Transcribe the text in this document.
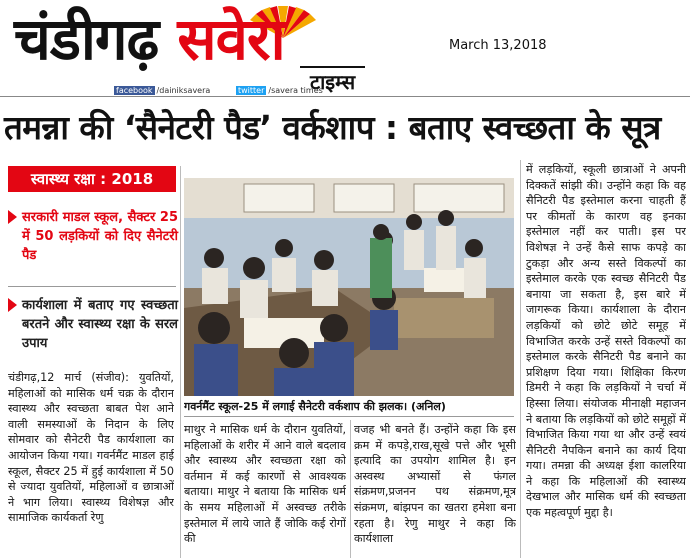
चंडीगढ़ सवेरा
टाइम्स
March 13,2018
facebook /dainiksavera	twitter /savera times
तमन्ना की ‘सैनेटरी पैड’ वर्कशाप : बताए स्वच्छता के सूत्र
स्वास्थ्य रक्षा : 2018
सरकारी माडल स्कूल, सैक्टर 25 में 50 लड़कियों को दिए सैनेटरी पैड
कार्यशाला में बताए गए स्वच्छता बरतने और स्वास्थ्य रक्षा के सरल उपाय
चंडीगढ़,12 मार्च (संजीव): युवतियों, महिलाओं को मासिक धर्म चक्र के दौरान स्वास्थ्य और स्वच्छता बाबत पेश आने वाली समस्याओं के निदान के लिए सोमवार को सैनेटरी पैड कार्यशाला का आयोजन किया गया। गवर्नमैंट माडल हाई स्कूल, सैक्टर 25 में हुई कार्यशाला में 50 से ज्यादा युवतियों, महिलाओं व छात्राओं ने भाग लिया। स्वास्थ्य विशेषज्ञ और सामाजिक कार्यकर्ता रेणु
गवर्नमैंट स्कूल-25 में लगाई सैनेटरी वर्कशाप की झलक। (अनिल)
माथुर ने मासिक धर्म के दौरान युवतियों, महिलाओं के शरीर में आने वाले बदलाव और स्वास्थ्य और स्वच्छता रक्षा को वर्तमान में कई कारणों से आवश्यक बताया। माथुर ने बताया कि मासिक धर्म के समय महिलाओं में अस्वच्छ तरीके इस्तेमाल में लाये जाते हैं जोकि कई रोगों की
वजह भी बनते हैं। उन्होंने कहा कि इस क्रम में कपड़े,राख,सूखे पत्ते और भूसी इत्यादि का उपयोग शामिल है। इन अस्वस्थ अभ्यासों से फंगल संक्रमण,प्रजनन पथ संक्रमण,मूत्र संक्रमण, बांझपन का खतरा हमेशा बना रहता है। रेणु माथुर ने कहा कि कार्यशाला
में लड़कियों, स्कूली छात्राओं ने अपनी दिक्कतें सांझी की। उन्होंने कहा कि वह सैनिटरी पैड इस्तेमाल करना चाहती हैं पर कीमतों के कारण वह इनका इस्तेमाल नहीं कर पाती। इस पर विशेषज्ञ ने उन्हें कैसे साफ कपड़े का टुकड़ा और अन्य सस्ते विकल्पों का इस्तेमाल करके एक स्वच्छ सैनिटरी पैड बनाया जा सकता है, इस बारे में जागरूक किया। कार्यशाला के दौरान लड़कियों को छोटे छोटे समूह में विभाजित करके उन्हें सस्ते विकल्पों का इस्तेमाल करके सैनिटरी पैड बनाने का प्रशिक्षण दिया गया। शिक्षिका किरण डिमरी ने कहा कि लड़कियों ने चर्चा में हिस्सा लिया। संयोजक मीनाक्षी महाजन ने बताया कि लड़कियों को छोटे समूहों में विभाजित किया गया था और उन्हें स्वयं सैनिटरी नैपकिन बनाने का कार्य दिया गया। तमन्ना की अध्यक्ष ईशा कालरिया ने कहा कि महिलाओं की स्वास्थ्य देखभाल और मासिक धर्म की स्वच्छता एक महत्वपूर्ण मुद्दा है।
